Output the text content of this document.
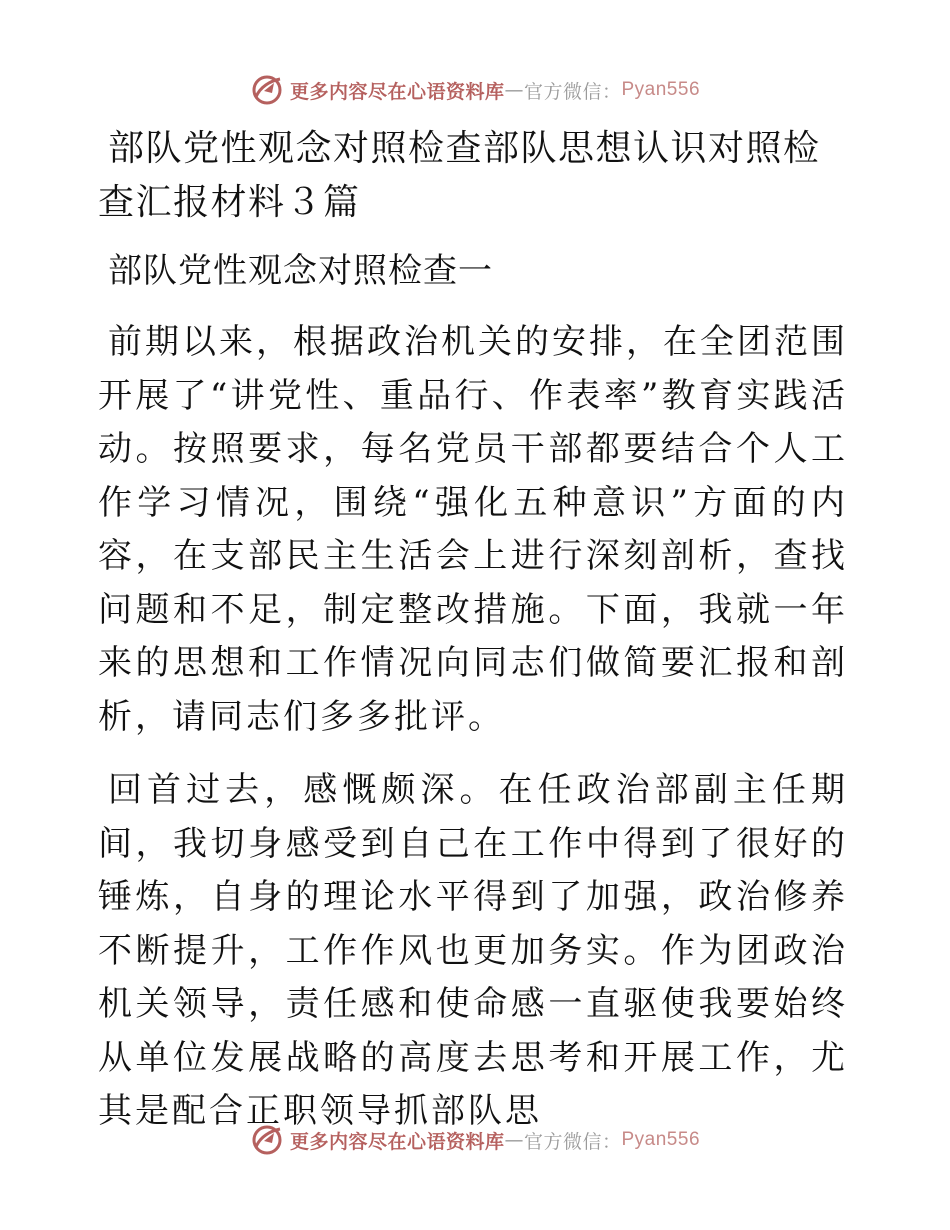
更多内容尽在心语资料库 — 官方微信： Pyan556
部队党性观念对照检查部队思想认识对照检查汇报材料３篇
部队党性观念对照检查一

前期以来，根据政治机关的安排，在全团范围开展了“讲党性、重品行、作表率”教育实践活动。按照要求，每名党员干部都要结合个人工作学习情况，围绕“强化五种意识”方面的内容，在支部民主生活会上进行深刻剖析，查找问题和不足，制定整改措施。下面，我就一年来的思想和工作情况向同志们做简要汇报和剖析，请同志们多多批评。

回首过去，感慨颇深。在任政治部副主任期间，我切身感受到自己在工作中得到了很好的锤炼，自身的理论水平得到了加强，政治修养不断提升，工作作风也更加务实。作为团政治机关领导，责任感和使命感一直驱使我要始终从单位发展战略的高度去思考和开展工作，尤其是配合正职领导抓部队思

更多内容尽在心语资料库 — 官方微信： Pyan556
